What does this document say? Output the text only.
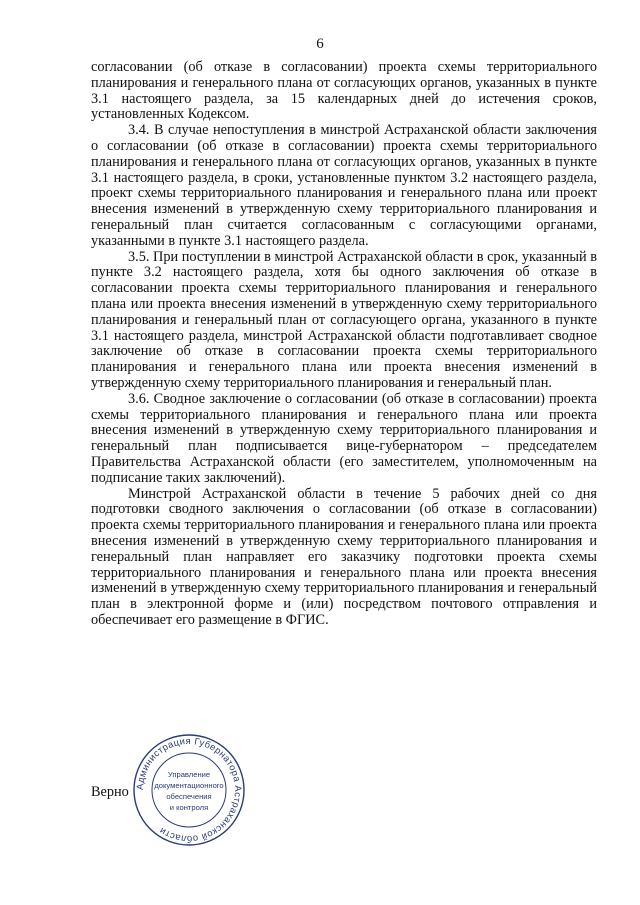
6

согласовании (об отказе в согласовании) проекта схемы территориального планирования и генерального плана от согласующих органов, указанных в пункте 3.1 настоящего раздела, за 15 календарных дней до истечения сроков, установленных Кодексом.

3.4. В случае непоступления в минстрой Астраханской области заключения о согласовании (об отказе в согласовании) проекта схемы территориального планирования и генерального плана от согласующих органов, указанных в пункте 3.1 настоящего раздела, в сроки, установленные пунктом 3.2 настоящего раздела, проект схемы территориального планирования и генерального плана или проект внесения изменений в утвержденную схему территориального планирования и генеральный план считается согласованным с согласующими органами, указанными в пункте 3.1 настоящего раздела.

3.5. При поступлении в минстрой Астраханской области в срок, указанный в пункте 3.2 настоящего раздела, хотя бы одного заключения об отказе в согласовании проекта схемы территориального планирования и генерального плана или проекта внесения изменений в утвержденную схему территориального планирования и генеральный план от согласующего органа, указанного в пункте 3.1 настоящего раздела, минстрой Астраханской области подготавливает сводное заключение об отказе в согласовании проекта схемы территориального планирования и генерального плана или проекта внесения изменений в утвержденную схему территориального планирования и генеральный план.

3.6. Сводное заключение о согласовании (об отказе в согласовании) проекта схемы территориального планирования и генерального плана или проекта внесения изменений в утвержденную схему территориального планирования и генеральный план подписывается вице-губернатором – председателем Правительства Астраханской области (его заместителем, уполномоченным на подписание таких заключений).

Минстрой Астраханской области в течение 5 рабочих дней со дня подготовки сводного заключения о согласовании (об отказе в согласовании) проекта схемы территориального планирования и генерального плана или проекта внесения изменений в утвержденную схему территориального планирования и генеральный план направляет его заказчику подготовки проекта схемы территориального планирования и генерального плана или проекта внесения изменений в утвержденную схему территориального планирования и генеральный план в электронной форме и (или) посредством почтового отправления и обеспечивает его размещение в ФГИС.

Верно Администрация Губернатора Астраханской области
Управление
документационного
обеспечения
и контроля
